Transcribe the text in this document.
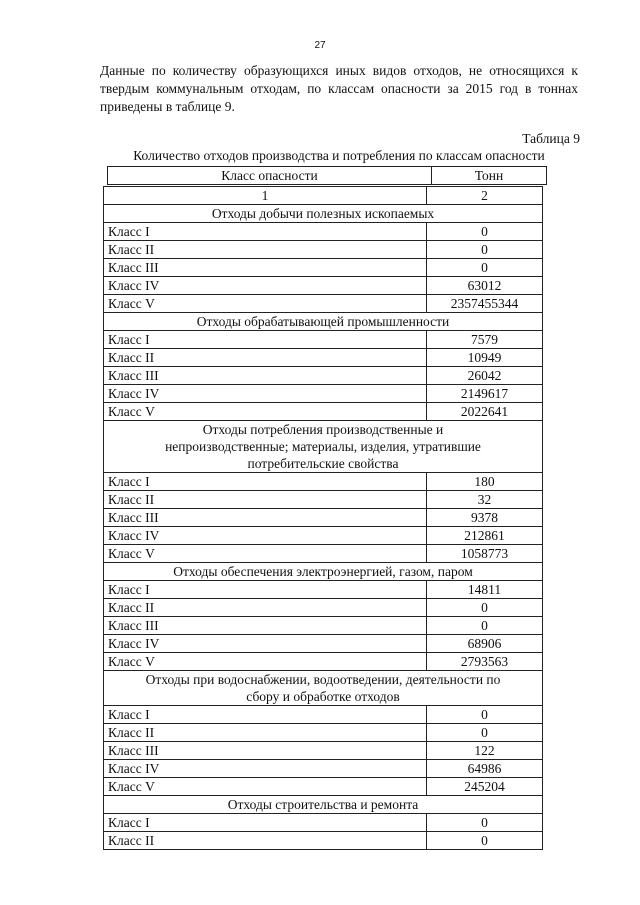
27

Данные по количеству образующихся иных видов отходов, не относящихся к твердым коммунальным отходам, по классам опасности за 2015 год в тоннах приведены в таблице 9.

Таблица 9
Количество отходов производства и потребления по классам опасности
Класс опасности	Тонн
1	2
Отходы добычи полезных ископаемых	
Класс I	0
Класс II	0
Класс III	0
Класс IV	63012
Класс V	2357455344
Отходы обрабатывающей промышленности	
Класс I	7579
Класс II	10949
Класс III	26042
Класс IV	2149617
Класс V	2022641
Отходы потребления производственные и непроизводственные; материалы, изделия, утратившие потребительские свойства	
Класс I	180
Класс II	32
Класс III	9378
Класс IV	212861
Класс V	1058773
Отходы обеспечения электроэнергией, газом, паром	
Класс I	14811
Класс II	0
Класс III	0
Класс IV	68906
Класс V	2793563
Отходы при водоснабжении, водоотведении, деятельности по сбору и обработке отходов	
Класс I	0
Класс II	0
Класс III	122
Класс IV	64986
Класс V	245204
Отходы строительства и ремонта	
Класс I	0
Класс II	0
